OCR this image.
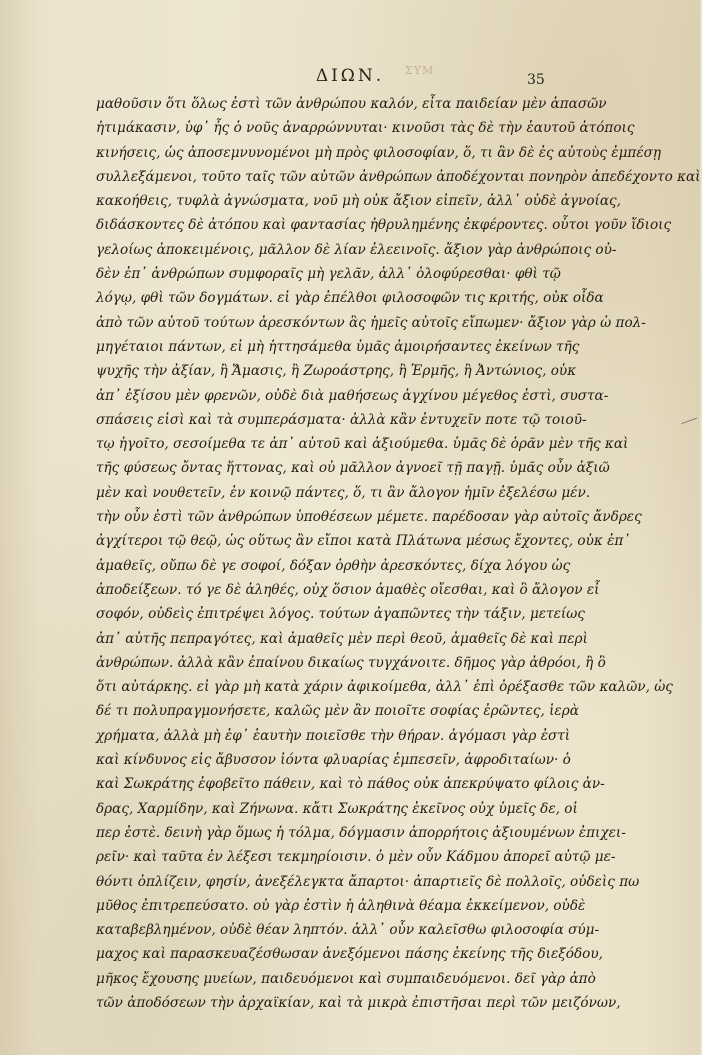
ΣΥΜ
ΔΙΩΝ.	35
μαθοῦσιν ὅτι ὅλως ἐστὶ τῶν ἀνθρώπου καλόν, εἶτα παιδείαν μὲν ἁπασῶν
ἠτιμάκασιν, ὑφ᾽ ἧς ὁ νοῦς ἀναρρώννυται· κινοῦσι τὰς δὲ τὴν ἑαυτοῦ ἀτόποις
κινήσεις, ὡς ἀποσεμνυνομένοι μὴ πρὸς φιλοσοφίαν, ὅ, τι ἂν δὲ ἐς αὐτοὺς ἐμπέσῃ
συλλεξάμενοι, τοῦτο ταῖς τῶν αὐτῶν ἀνθρώπων ἀποδέχονται πονηρὸν ἀπεδέχοντο καὶ
κακοήθεις, τυφλὰ ἀγνώσματα, νοῦ μὴ οὐκ ἄξιον εἰπεῖν, ἀλλ᾽ οὐδὲ ἀγνοίας,
διδάσκοντες δὲ ἀτόπου καὶ φαντασίας ἠθρυλημένης ἐκφέροντες. οὗτοι γοῦν ἴδιοις
γελοίως ἀποκειμένοις, μᾶλλον δὲ λίαν ἐλεεινοῖς. ἄξιον γὰρ ἀνθρώποις οὐ-
δὲν ἐπ᾽ ἀνθρώπων συμφοραῖς μὴ γελᾶν, ἀλλ᾽ ὀλοφύρεσθαι· φθὶ τῷ
λόγῳ, φθὶ τῶν δογμάτων. εἰ γὰρ ἐπέλθοι φιλοσοφῶν τις κριτής, οὐκ οἶδα
ἀπὸ τῶν αὐτοῦ τούτων ἀρεσκόντων ἃς ἡμεῖς αὐτοῖς εἴπωμεν· ἄξιον γὰρ ὡ πολ-
μηγέταιοι πάντων, εἰ μὴ ἡττησάμεθα ὑμᾶς ἀμοιρήσαντες ἐκείνων τῆς
ψυχῆς τὴν ἀξίαν, ἢ Ἄμασις, ἢ Ζωροάστρης, ἢ Ἑρμῆς, ἢ Ἀντώνιος, οὐκ
ἀπ᾽ ἐξίσου μὲν φρενῶν, οὐδὲ διὰ μαθήσεως ἀγχίνου μέγεθος ἐστὶ, συστα-
σπάσεις εἰσὶ καὶ τὰ συμπεράσματα· ἀλλὰ κἂν ἐντυχεῖν ποτε τῷ τοιοῦ-
τῳ ἡγοῖτο, σεσοίμεθα τε ἀπ᾽ αὐτοῦ καὶ ἀξιούμεθα. ὑμᾶς δὲ ὁρᾶν μὲν τῆς καὶ
τῆς φύσεως ὄντας ἥττονας, καὶ οὐ μᾶλλον ἀγνοεῖ τῇ παγῇ. ὑμᾶς οὖν ἀξιῶ
μὲν καὶ νουθετεῖν, ἐν κοινῷ πάντες, ὅ, τι ἂν ἄλογον ἡμῖν ἐξελέσω μέν.
τὴν οὖν ἐστὶ τῶν ἀνθρώπων ὑποθέσεων μέμετε. παρέδοσαν γὰρ αὐτοῖς ἄνδρες
ἀγχίτεροι τῷ θεῷ, ὡς οὕτως ἂν εἴποι κατὰ Πλάτωνα μέσως ἔχοντες, οὐκ ἐπ᾽
ἀμαθεῖς, οὔπω δὲ γε σοφοί, δόξαν ὀρθὴν ἀρεσκόντες, δίχα λόγου ὡς
ἀποδείξεων. τό γε δὲ ἀληθές, οὐχ ὅσιον ἀμαθὲς οἴεσθαι, καὶ ὃ ἄλογον εἶ
σοφόν, οὐδεὶς ἐπιτρέψει λόγος. τούτων ἀγαπῶντες τὴν τάξιν, μετείως
ἀπ᾽ αὐτῆς πεπραγότες, καὶ ἀμαθεῖς μὲν περὶ θεοῦ, ἀμαθεῖς δὲ καὶ περὶ
ἀνθρώπων. ἀλλὰ κἂν ἐπαίνου δικαίως τυγχάνοιτε. δῆμος γὰρ ἀθρόοι, ἢ ὃ
ὅτι αὐτάρκης. εἰ γὰρ μὴ κατὰ χάριν ἀφικοίμεθα, ἀλλ᾽ ἐπὶ ὀρέξασθε τῶν καλῶν, ὡς
δέ τι πολυπραγμονήσετε, καλῶς μὲν ἂν ποιοῖτε σοφίας ἐρῶντες, ἱερὰ
χρήματα, ἀλλὰ μὴ ἐφ᾽ ἑαυτὴν ποιεῖσθε τὴν θήραν. ἀγόμασι γὰρ ἐστὶ
καὶ κίνδυνος εἰς ἄβυσσον ἰόντα φλυαρίας ἐμπεσεῖν, ἀφροδιταίων· ὁ
καὶ Σωκράτης ἐφοβεῖτο πάθειν, καὶ τὸ πάθος οὐκ ἀπεκρύψατο φίλοις ἀν-
δρας, Χαρμίδην, καὶ Ζήνωνα. κἄτι Σωκράτης ἐκεῖνος οὐχ ὑμεῖς δε, οἱ
περ ἐστὲ. δεινὴ γὰρ ὅμως ἡ τόλμα, δόγμασιν ἀπορρήτοις ἀξιουμένων ἐπιχει-
ρεῖν· καὶ ταῦτα ἐν λέξεσι τεκμηρίοισιν. ὁ μὲν οὖν Κάδμου ἀπορεῖ αὐτῷ με-
θόντι ὀπλίζειν, φησίν, ἀνεξέλεγκτα ἄπαρτοι· ἀπαρτιεῖς δὲ πολλοῖς, οὐδεὶς πω
μῦθος ἐπιτρεπεύσατο. οὐ γὰρ ἐστὶν ἡ ἀληθινὰ θέαμα ἐκκείμενον, οὐδὲ
καταβεβλημένον, οὐδὲ θέαν ληπτόν. ἀλλ᾽ οὖν καλεῖσθω φιλοσοφία σύμ-
μαχος καὶ παρασκευαζέσθωσαν ἀνεξόμενοι πάσης ἐκείνης τῆς διεξόδου,
μῆκος ἔχουσης μυείων, παιδευόμενοι καὶ συμπαιδευόμενοι. δεῖ γὰρ ἀπὸ
τῶν ἀποδόσεων τὴν ἀρχαϊκίαν, καὶ τὰ μικρὰ ἐπιστῆσαι περὶ τῶν μειζόνων,
